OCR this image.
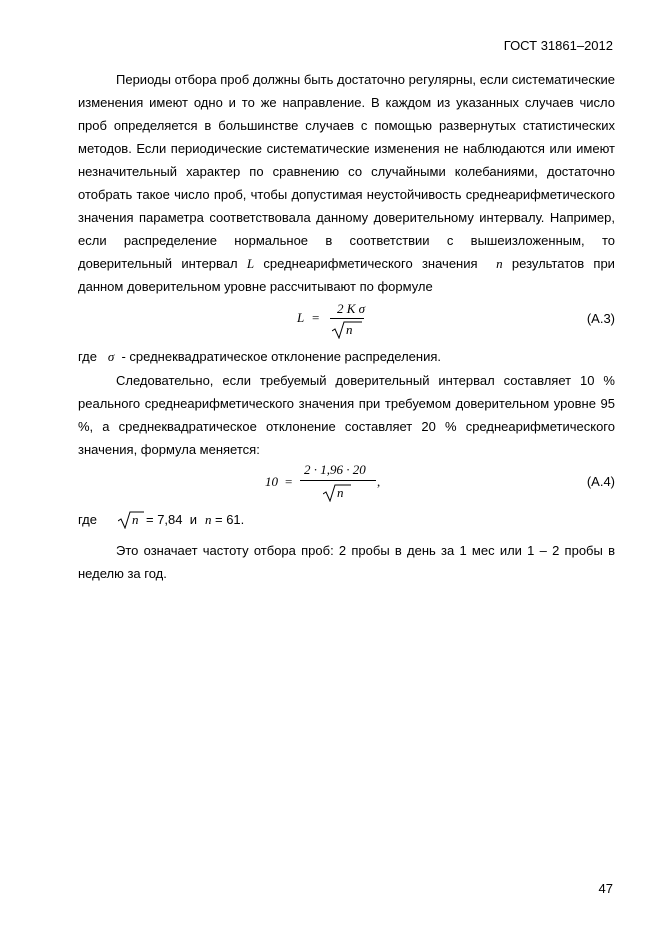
ГОСТ 31861–2012
Периоды отбора проб должны быть достаточно регулярны, если систематические изменения имеют одно и то же направление. В каждом из указанных случаев число проб определяется в большинстве случаев с помощью развернутых статистических методов. Если периодические систематические изменения не наблюдаются или имеют незначительный характер по сравнению со случайными колебаниями, достаточно отобрать такое число проб, чтобы допустимая неустойчивость среднеарифметического значения параметра соответствовала данному доверительному интервалу. Например, если распределение нормальное в соответствии с вышеизложенным, то доверительный интервал L среднеарифметического значения n результатов при данном доверительном уровне рассчитывают по формуле
L =
2 K σ
n
(А.3)
где σ - среднеквадратическое отклонение распределения.
Следовательно, если требуемый доверительный интервал составляет 10 % реального среднеарифметического значения при требуемом доверительном уровне 95 %, а среднеквадратическое отклонение составляет 20 % среднеарифметического значения, формула меняется:
10 =
2 · 1,96 · 20
n
,	(А.4)
где	n = 7,84  и n = 61.
Это означает частоту отбора проб: 2 пробы в день за 1 мес или 1 – 2 пробы в неделю за год.
47
